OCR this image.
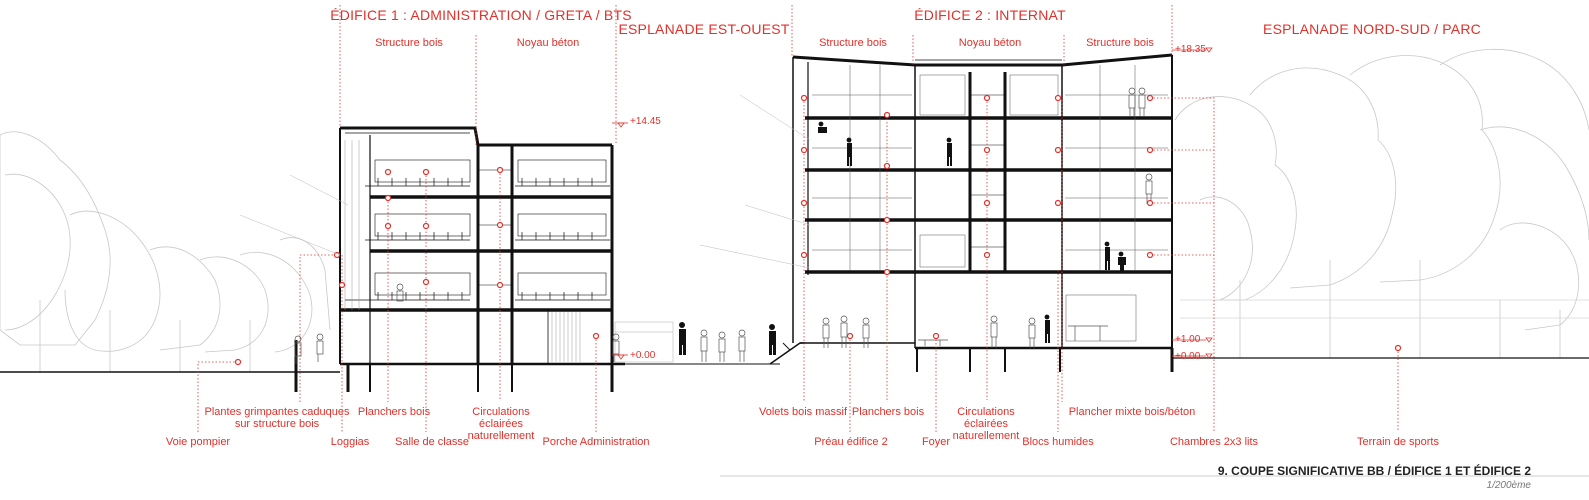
ÉDIFICE 1 : ADMINISTRATION / GRETA / BTS
ESPLANADE EST-OUEST
ÉDIFICE 2 : INTERNAT
ESPLANADE NORD-SUD / PARC
Structure bois	Noyau béton	Structure bois	Noyau béton	Structure bois
+14.45
+0.00
+18.35
+1.00
+0.00
Plantes grimpantes caduques
sur structure bois
Voie pompier	Loggias
Planchers bois
Salle de classe
Circulations
éclairées
naturellement Porche Administration
Volets bois massif Planchers bois
Préau édifice 2	Foyer
Circulations
éclairées
naturellement Blocs humides
Plancher mixte bois/béton
Chambres 2x3 lits	Terrain de sports
9. COUPE SIGNIFICATIVE BB / ÉDIFICE 1 ET ÉDIFICE 2
1/200ème
